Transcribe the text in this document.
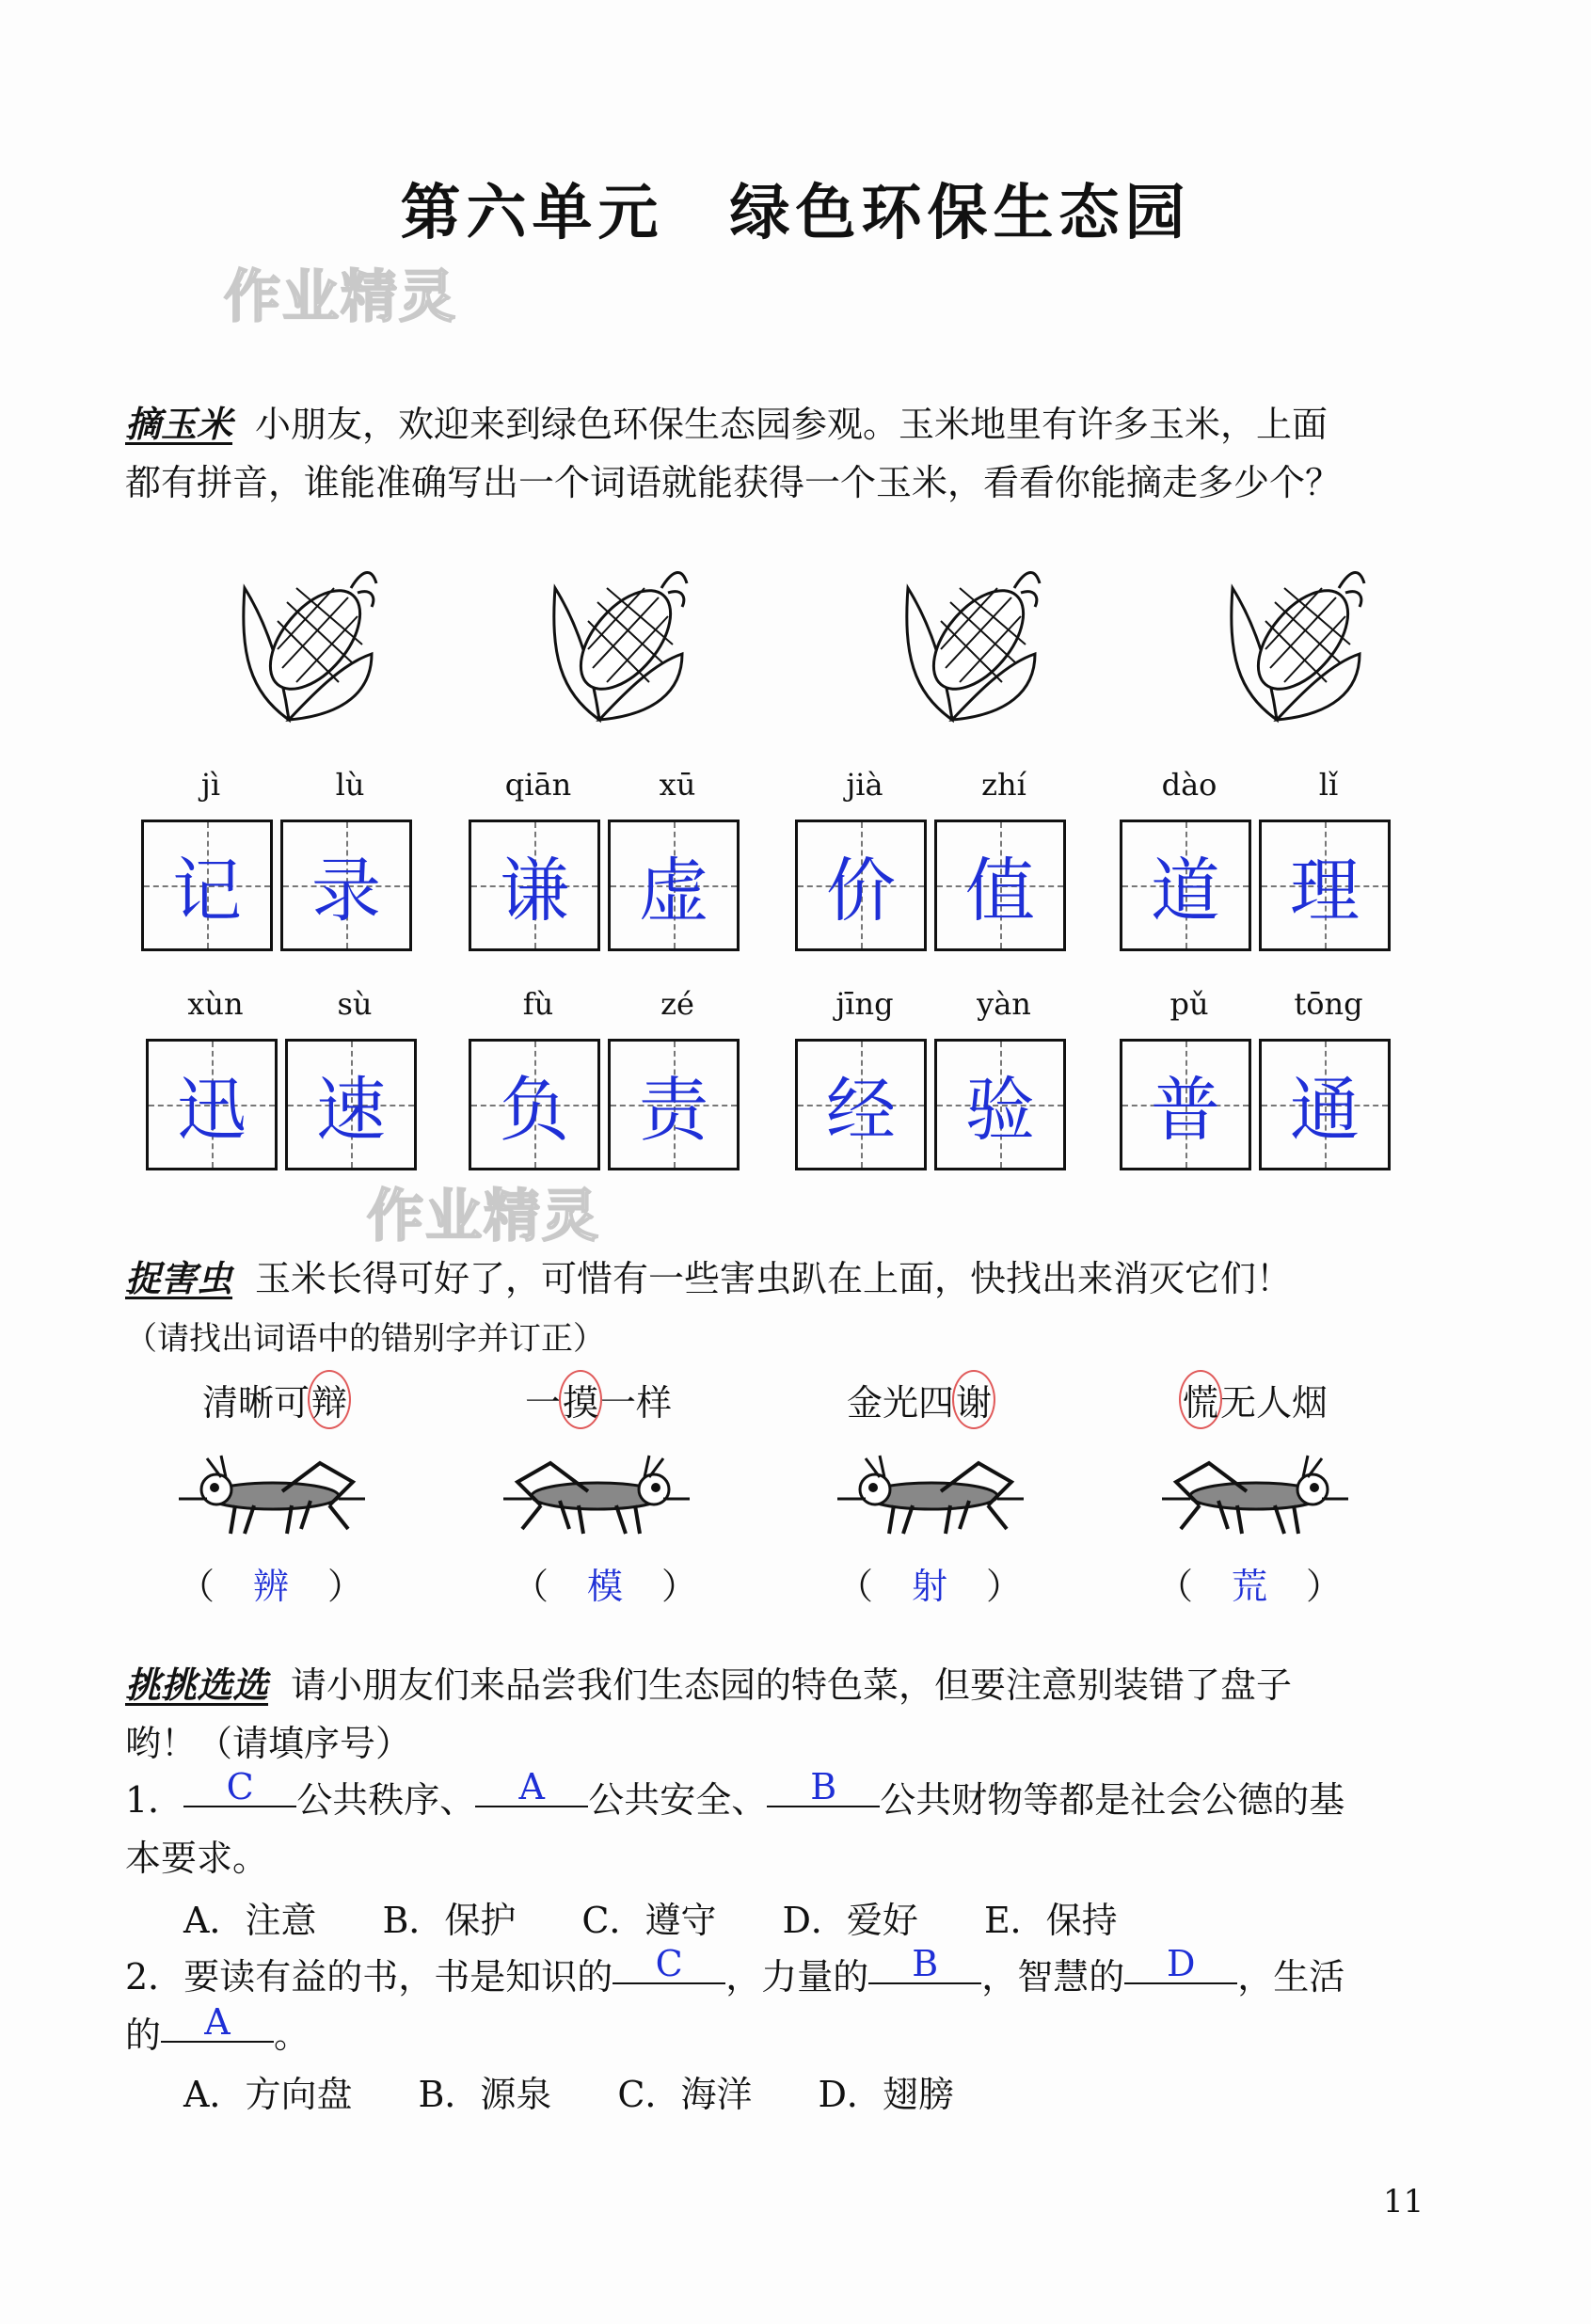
第六单元　绿色环保生态园
作业精灵
作业精灵
摘玉米 小朋友，欢迎来到绿色环保生态园参观。玉米地里有许多玉米，上面
都有拼音，谁能准确写出一个词语就能获得一个玉米，看看你能摘走多少个？
jì	lù
记 录
qiān	xū
谦 虚
jià	zhí
价 值
dào	lǐ
道 理
xùn	sù
迅 速
fù	zé
负 责
jīng	yàn
经 验
pǔ	tōng
普 通
捉害虫 玉米长得可好了，可惜有一些害虫趴在上面，快找出来消灭它们！
（请找出词语中的错别字并订正）
清晰可辩	一摸一样	金光四谢	慌无人烟
（ 辨 ）	（ 模 ）	（ 射 ）	（ 荒 ）
挑挑选选 请小朋友们来品尝我们生态园的特色菜，但要注意别装错了盘子
哟！（请填序号）
1． C 公共秩序、 A 公共安全、 B 公共财物等都是社会公德的基
本要求。
A．注意 B．保护 C．遵守 D．爱好 E．保持
2．要读有益的书，书是知识的 C ，力量的 B ，智慧的 D ，生活
的 A 。
A．方向盘 B．源泉 C．海洋 D．翅膀
11
